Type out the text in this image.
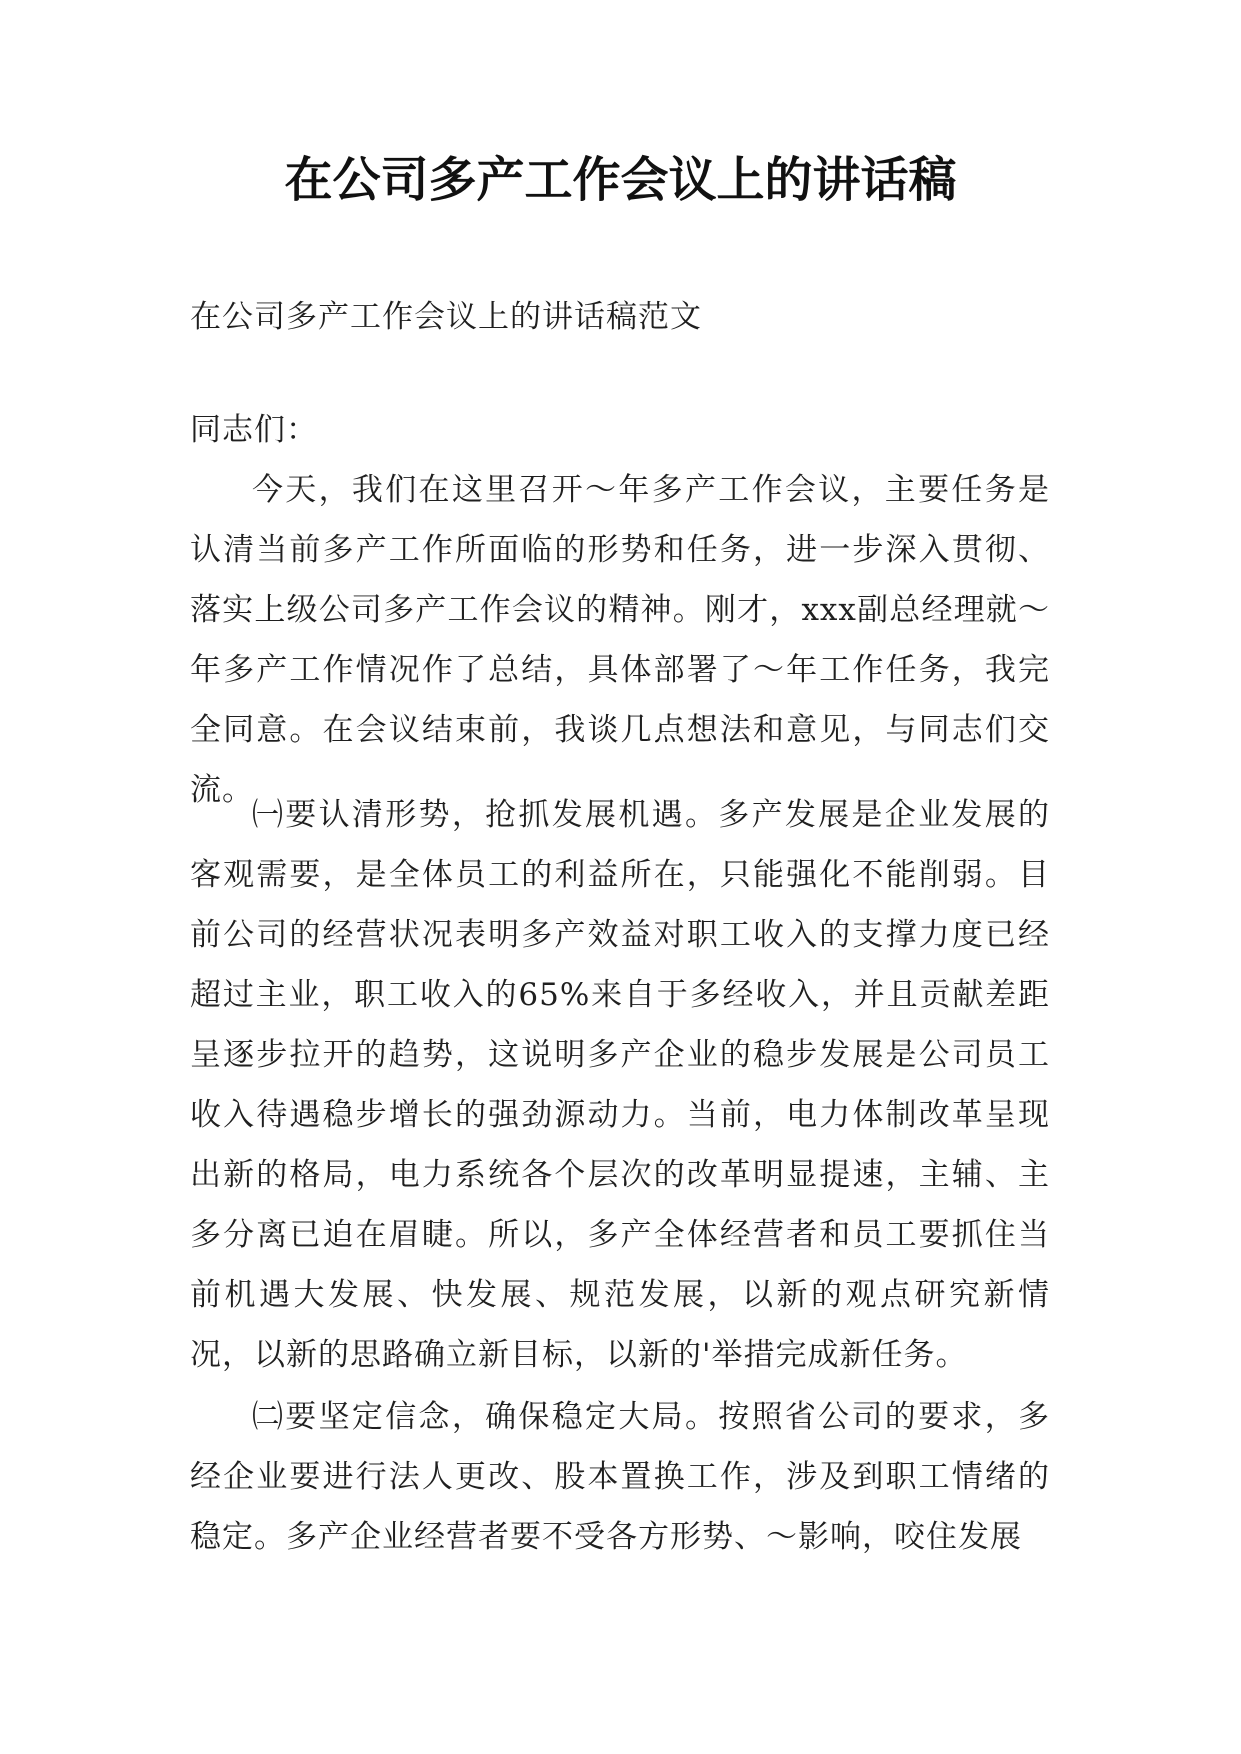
在公司多产工作会议上的讲话稿

在公司多产工作会议上的讲话稿范文

同志们：

今天，我们在这里召开～年多产工作会议，主要任务是认清当前多产工作所面临的形势和任务，进一步深入贯彻、落实上级公司多产工作会议的精神。刚才，xxx副总经理就～年多产工作情况作了总结，具体部署了～年工作任务，我完全同意。在会议结束前，我谈几点想法和意见，与同志们交流。

㈠要认清形势，抢抓发展机遇。多产发展是企业发展的客观需要，是全体员工的利益所在，只能强化不能削弱。目前公司的经营状况表明多产效益对职工收入的支撑力度已经超过主业，职工收入的65%来自于多经收入，并且贡献差距呈逐步拉开的趋势，这说明多产企业的稳步发展是公司员工收入待遇稳步增长的强劲源动力。当前，电力体制改革呈现出新的格局，电力系统各个层次的改革明显提速，主辅、主多分离已迫在眉睫。所以，多产全体经营者和员工要抓住当前机遇大发展、快发展、规范发展，以新的观点研究新情况，以新的思路确立新目标，以新的'举措完成新任务。

㈡要坚定信念，确保稳定大局。按照省公司的要求，多经企业要进行法人更改、股本置换工作，涉及到职工情绪的稳定。多产企业经营者要不受各方形势、～影响，咬住发展
